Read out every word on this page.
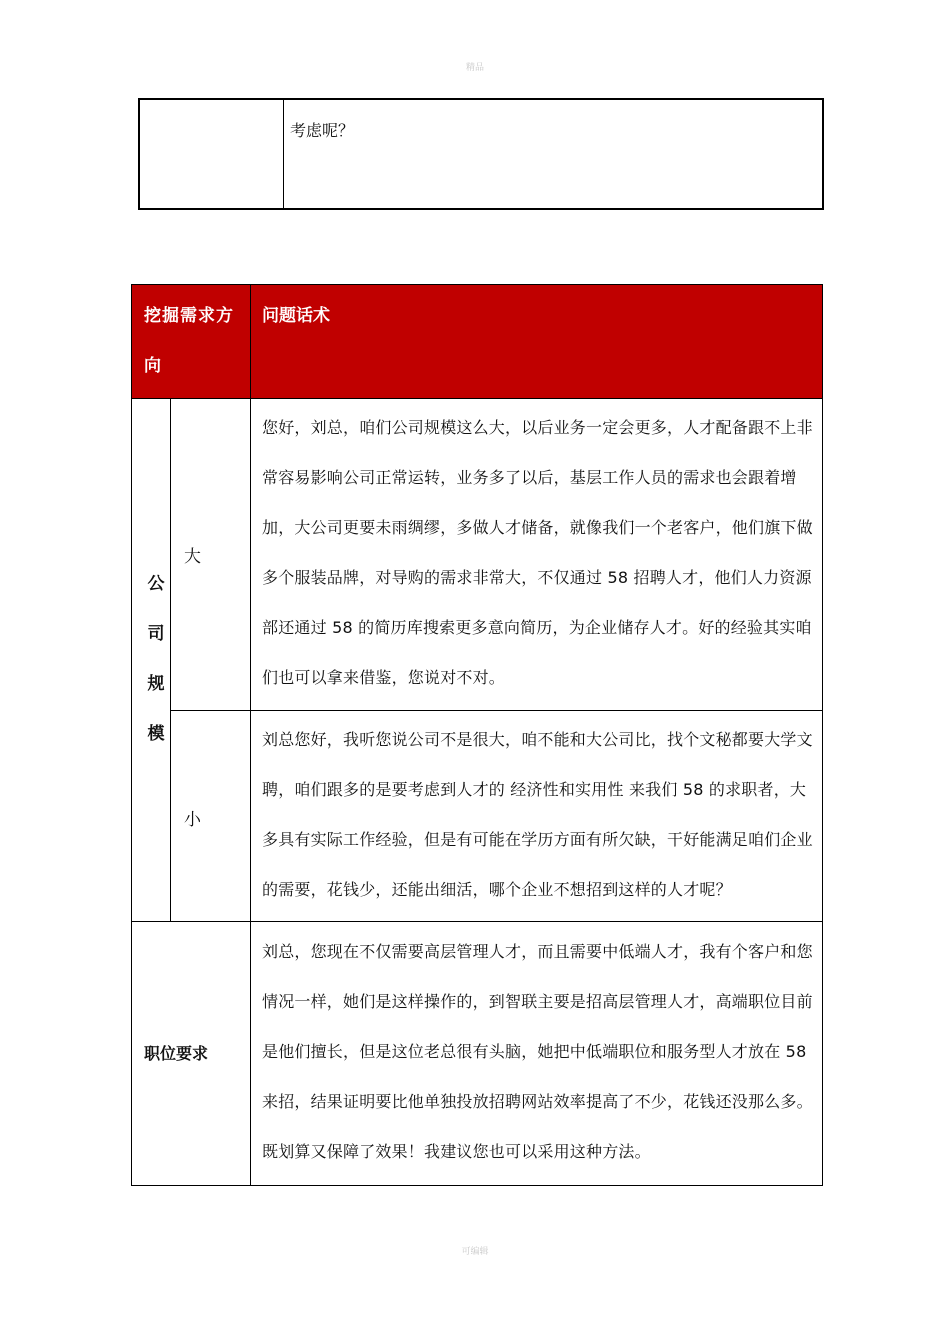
精品
考虑呢？
挖掘需求方向
问题话术
公司规模
大
您好，刘总，咱们公司规模这么大，以后业务一定会更多，人才配备跟不上非常容易影响公司正常运转，业务多了以后，基层工作人员的需求也会跟着增加，大公司更要未雨绸缪，多做人才储备，就像我们一个老客户，他们旗下做多个服装品牌，对导购的需求非常大，不仅通过 58 招聘人才，他们人力资源部还通过 58 的简历库搜索更多意向简历，为企业储存人才。好的经验其实咱们也可以拿来借鉴，您说对不对。
小
刘总您好，我听您说公司不是很大，咱不能和大公司比，找个文秘都要大学文聘，咱们跟多的是要考虑到人才的 经济性和实用性 来我们 58 的求职者，大多具有实际工作经验，但是有可能在学历方面有所欠缺，干好能满足咱们企业的需要，花钱少，还能出细活，哪个企业不想招到这样的人才呢？
职位要求
刘总，您现在不仅需要高层管理人才，而且需要中低端人才，我有个客户和您情况一样，她们是这样操作的，到智联主要是招高层管理人才，高端职位目前是他们擅长，但是这位老总很有头脑，她把中低端职位和服务型人才放在 58 来招，结果证明要比他单独投放招聘网站效率提高了不少，花钱还没那么多。既划算又保障了效果！我建议您也可以采用这种方法。
可编辑
